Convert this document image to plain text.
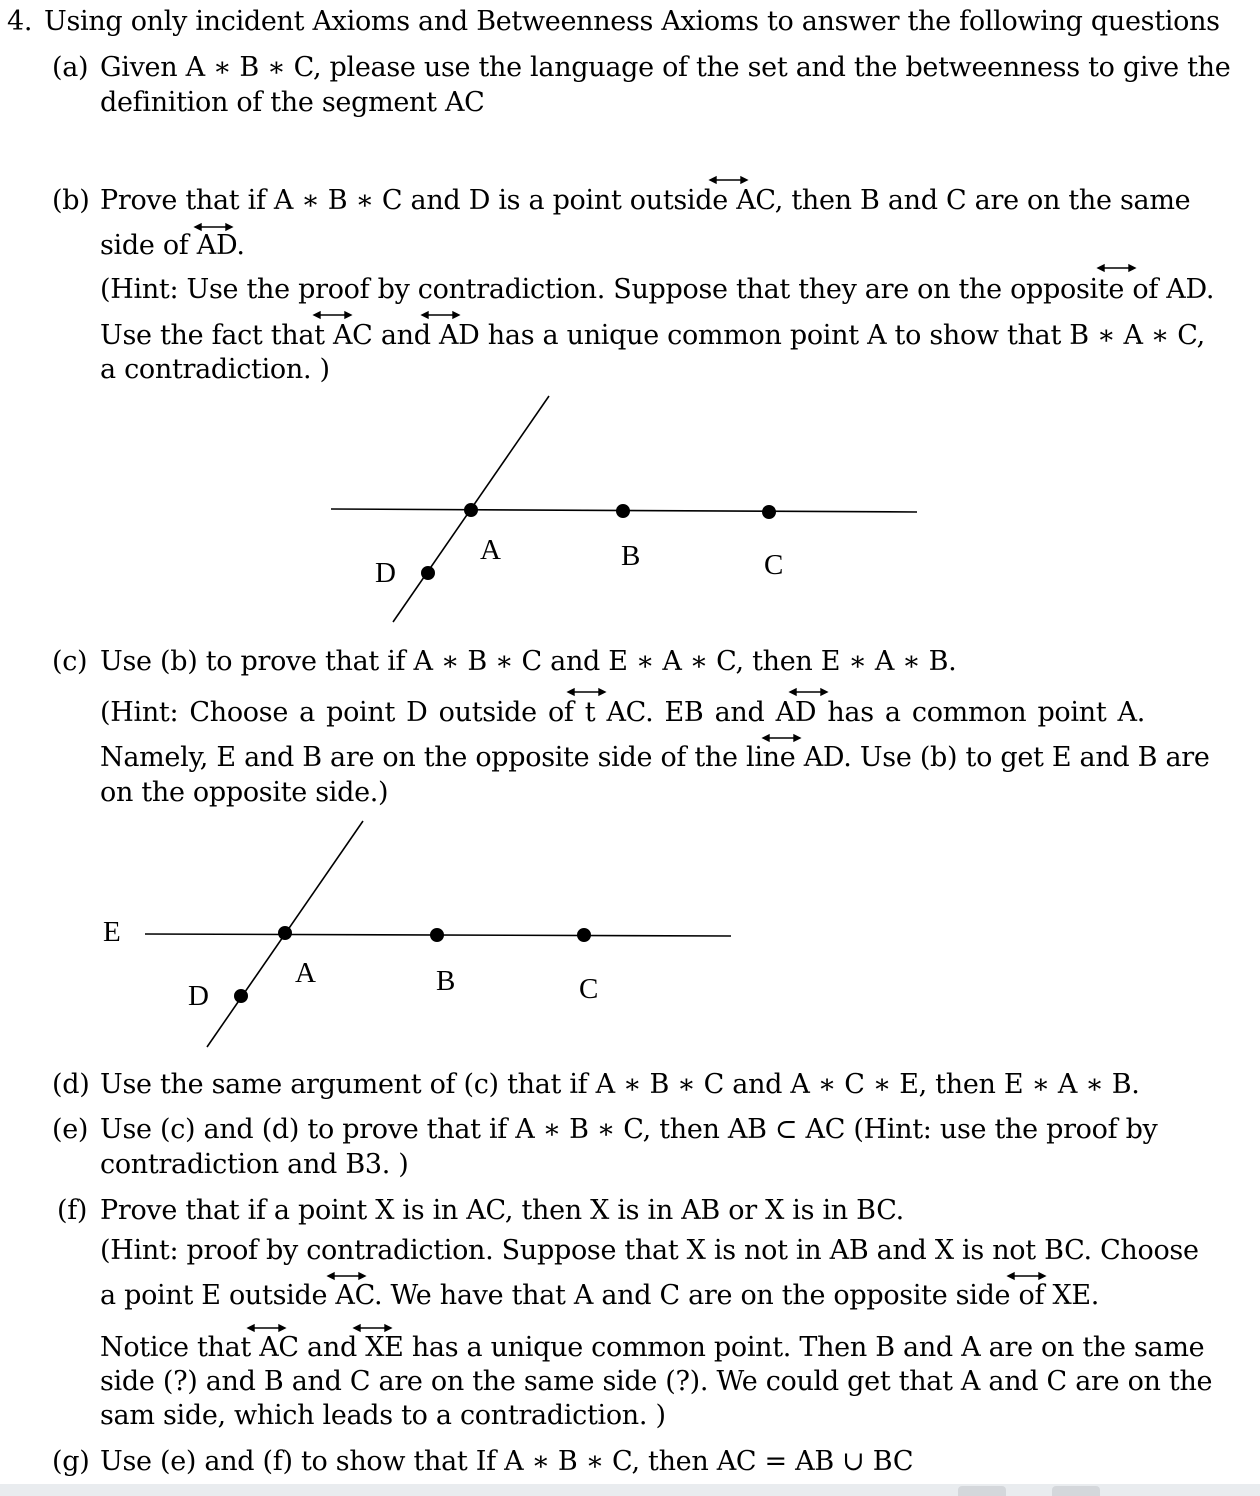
4. Using only incident Axioms and Betweenness Axioms to answer the following questions
(a) Given A ∗ B ∗ C, please use the language of the set and the betweenness to give the
definition of the segment AC
(b) Prove that if A ∗ B ∗ C and D is a point outside AC, then B and C are on the same
side of AD.
(Hint: Use the proof by contradiction. Suppose that they are on the opposite of AD.
Use the fact that AC and AD has a unique common point A to show that B ∗ A ∗ C,
a contradiction. )
A	B	C
D
(c) Use (b) to prove that if A ∗ B ∗ C and E ∗ A ∗ C, then E ∗ A ∗ B.
(Hint: Choose a point D outside of t AC. EB and AD has a common point A.
Namely, E and B are on the opposite side of the line AD. Use (b) to get E and B are
on the opposite side.)
E
A	B	C
D
(d) Use the same argument of (c) that if A ∗ B ∗ C and A ∗ C ∗ E, then E ∗ A ∗ B.
(e) Use (c) and (d) to prove that if A ∗ B ∗ C, then AB ⊂ AC (Hint: use the proof by
contradiction and B3. )
(f) Prove that if a point X is in AC, then X is in AB or X is in BC.
(Hint: proof by contradiction. Suppose that X is not in AB and X is not BC. Choose
a point E outside AC. We have that A and C are on the opposite side of XE.
Notice that AC and XE has a unique common point. Then B and A are on the same
side (?) and B and C are on the same side (?). We could get that A and C are on the
sam side, which leads to a contradiction. )
(g) Use (e) and (f) to show that If A ∗ B ∗ C, then AC = AB ∪ BC
